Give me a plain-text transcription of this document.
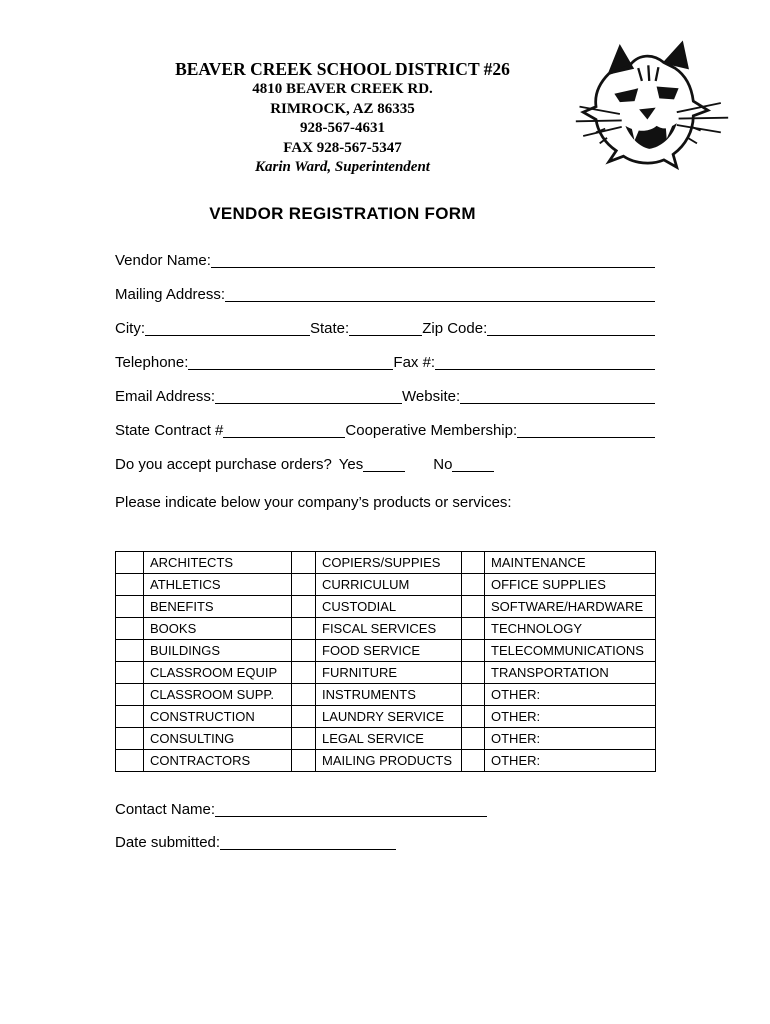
BEAVER CREEK SCHOOL DISTRICT #26
4810 BEAVER CREEK RD.
RIMROCK, AZ 86335
928-567-4631
FAX 928-567-5347
Karin Ward, Superintendent
VENDOR REGISTRATION FORM
Vendor Name:
Mailing Address:
City:	State:	Zip Code:
Telephone:	Fax #:
Email Address:	Website:
State Contract #	Cooperative Membership:
Do you accept purchase orders? Yes	No
Please indicate below your company’s products or services:
	ARCHITECTS		COPIERS/SUPPIES		MAINTENANCE
	ATHLETICS		CURRICULUM		OFFICE SUPPLIES
	BENEFITS		CUSTODIAL		SOFTWARE/HARDWARE
	BOOKS		FISCAL SERVICES		TECHNOLOGY
	BUILDINGS		FOOD SERVICE		TELECOMMUNICATIONS
	CLASSROOM EQUIP		FURNITURE		TRANSPORTATION
	CLASSROOM SUPP.		INSTRUMENTS		OTHER:
	CONSTRUCTION		LAUNDRY SERVICE		OTHER:
	CONSULTING		LEGAL SERVICE		OTHER:
	CONTRACTORS		MAILING PRODUCTS		OTHER:
Contact Name:
Date submitted:
